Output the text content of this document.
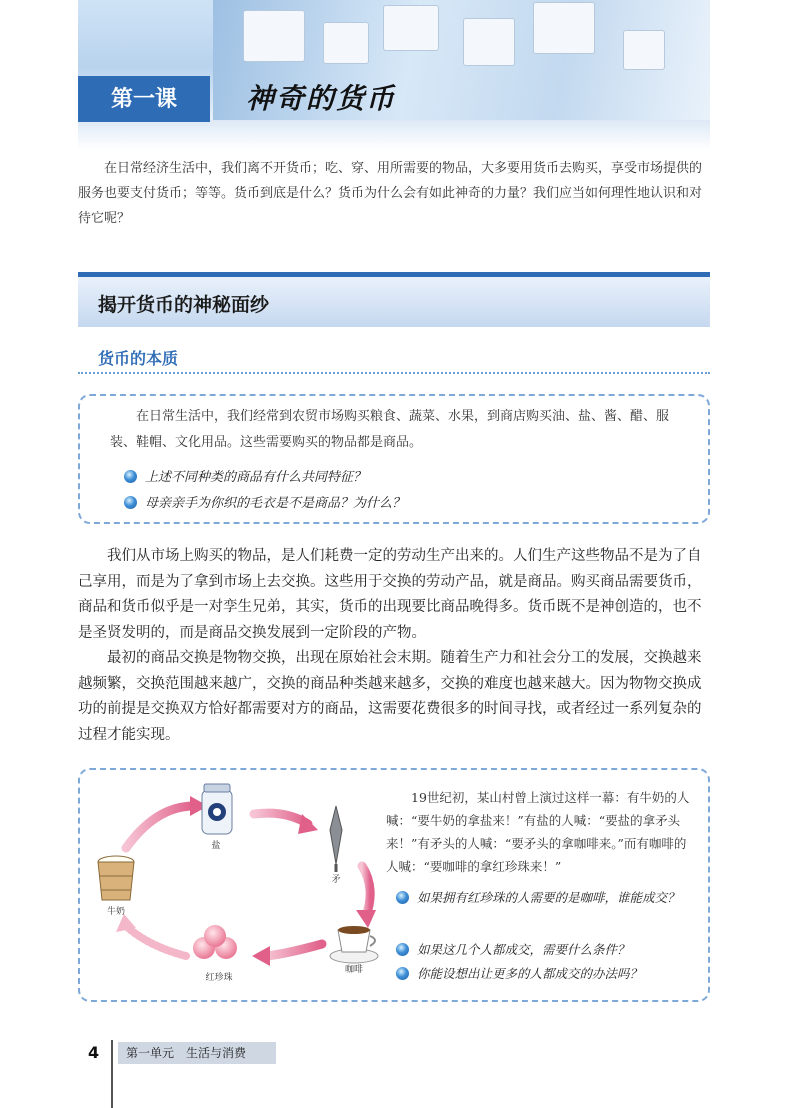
第一课	神奇的货币
在日常经济生活中，我们离不开货币；吃、穿、用所需要的物品，大多要用货币去购买，享受市场提供的服务也要支付货币；等等。货币到底是什么？货币为什么会有如此神奇的力量？我们应当如何理性地认识和对待它呢？
揭开货币的神秘面纱
货币的本质
在日常生活中，我们经常到农贸市场购买粮食、蔬菜、水果，到商店购买油、盐、酱、醋、服装、鞋帽、文化用品。这些需要购买的物品都是商品。
上述不同种类的商品有什么共同特征？
母亲亲手为你织的毛衣是不是商品？为什么？

我们从市场上购买的物品，是人们耗费一定的劳动生产出来的。人们生产这些物品不是为了自己享用，而是为了拿到市场上去交换。这些用于交换的劳动产品，就是商品。购买商品需要货币，商品和货币似乎是一对孪生兄弟，其实，货币的出现要比商品晚得多。货币既不是神创造的，也不是圣贤发明的，而是商品交换发展到一定阶段的产物。

最初的商品交换是物物交换，出现在原始社会末期。随着生产力和社会分工的发展，交换越来越频繁，交换范围越来越广，交换的商品种类越来越多，交换的难度也越来越大。因为物物交换成功的前提是交换双方恰好都需要对方的商品，这需要花费很多的时间寻找，或者经过一系列复杂的过程才能实现。

盐
矛
牛奶
咖啡
红珍珠
19世纪初，某山村曾上演过这样一幕：有牛奶的人喊：“要牛奶的拿盐来！”有盐的人喊：“要盐的拿矛头来！”有矛头的人喊：“要矛头的拿咖啡来。”而有咖啡的人喊：“要咖啡的拿红珍珠来！”
如果拥有红珍珠的人需要的是咖啡，谁能成交？
如果这几个人都成交，需要什么条件？
你能设想出让更多的人都成交的办法吗？
4	第一单元　生活与消费
